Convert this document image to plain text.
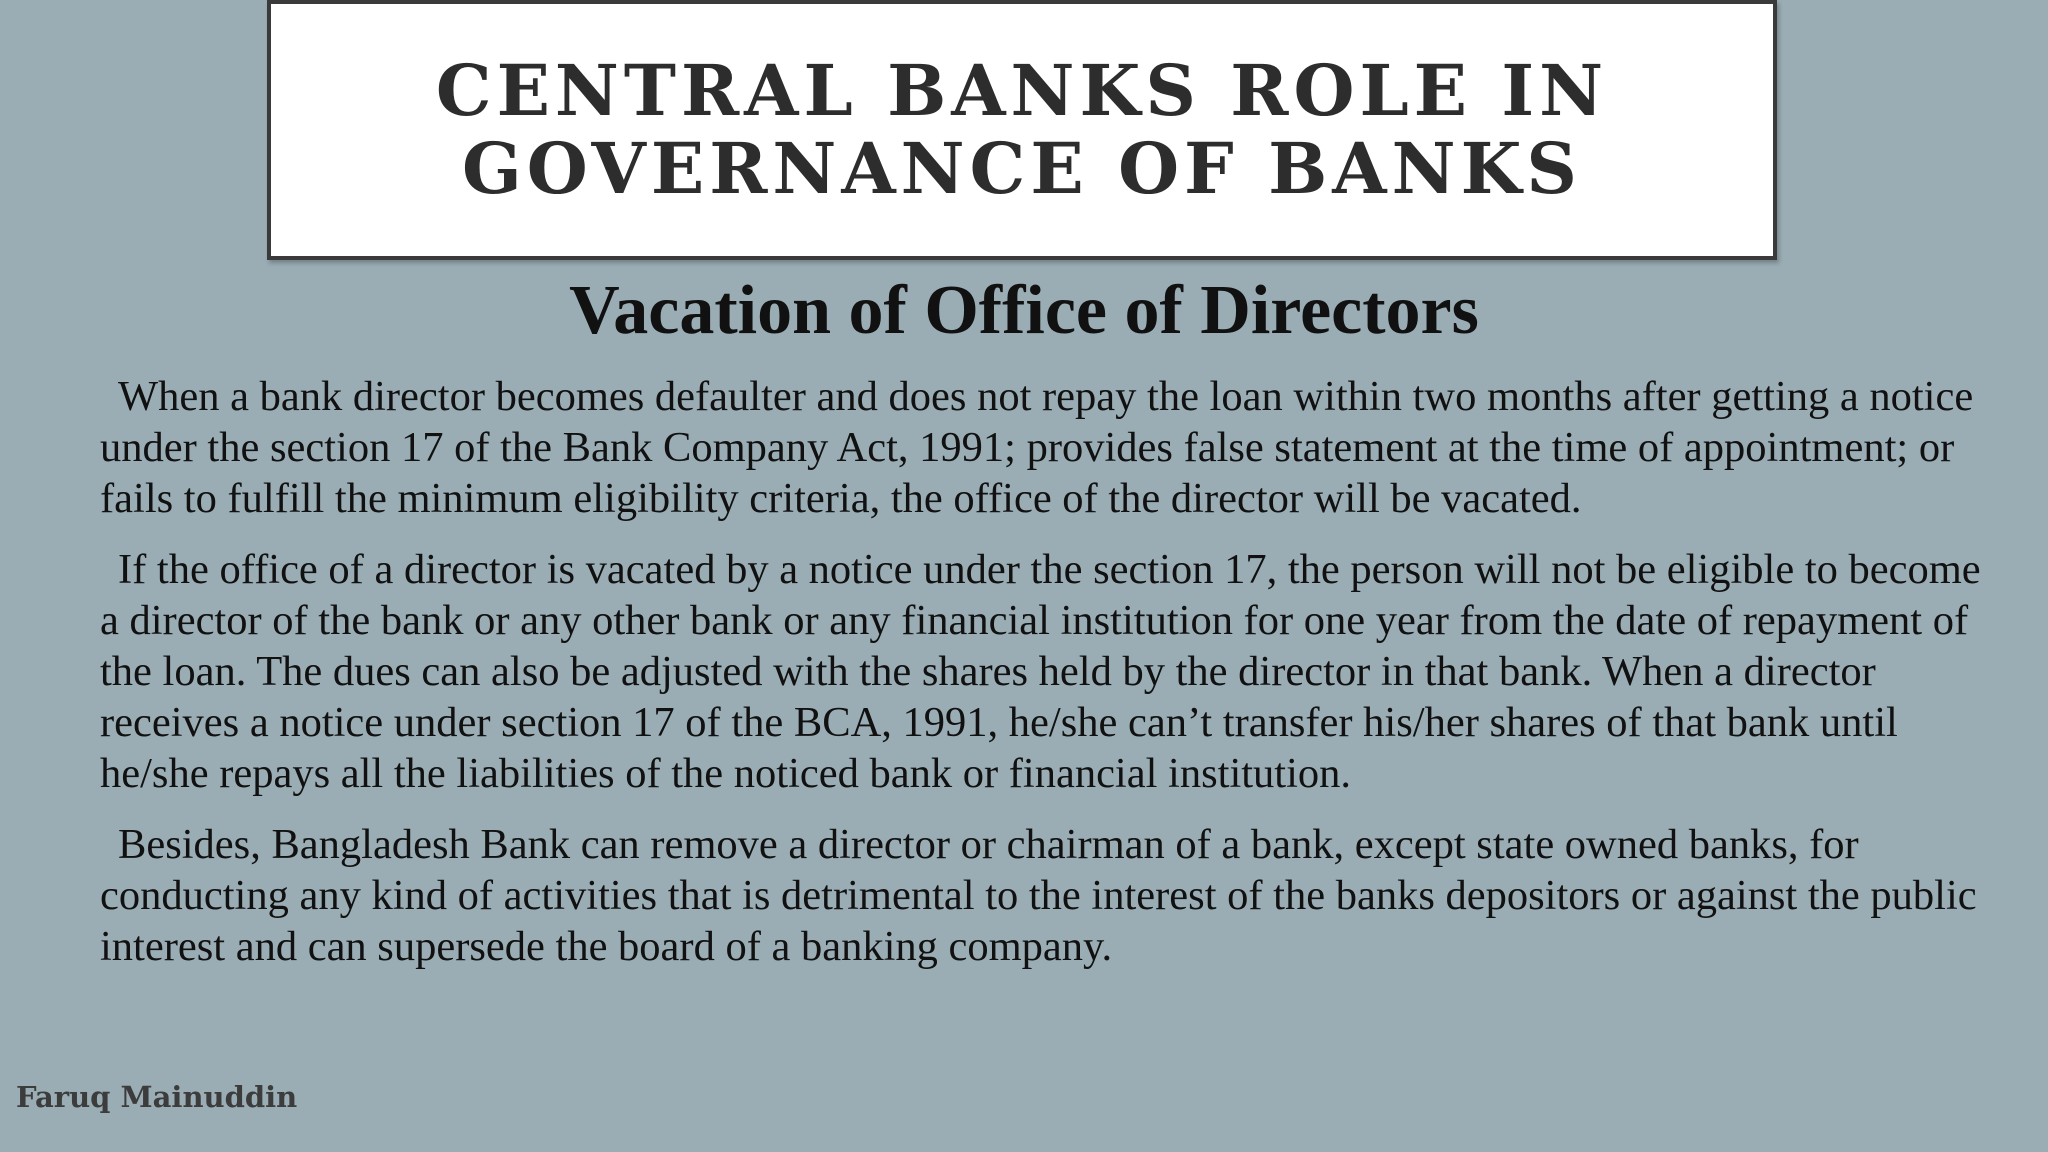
CENTRAL BANKS ROLE IN GOVERNANCE OF BANKS
Vacation of Office of Directors

When a bank director becomes defaulter and does not repay the loan within two months after getting a notice under the section 17 of the Bank Company Act, 1991; provides false statement at the time of appointment; or fails to fulfill the minimum eligibility criteria, the office of the director will be vacated.

If the office of a director is vacated by a notice under the section 17, the person will not be eligible to become a director of the bank or any other bank or any financial institution for one year from the date of repayment of the loan. The dues can also be adjusted with the shares held by the director in that bank. When a director receives a notice under section 17 of the BCA, 1991, he/she can’t transfer his/her shares of that bank until he/she repays all the liabilities of the noticed bank or financial institution.

Besides, Bangladesh Bank can remove a director or chairman of a bank, except state owned banks, for conducting any kind of activities that is detrimental to the interest of the banks depositors or against the public interest and can supersede the board of a banking company.

Faruq Mainuddin
